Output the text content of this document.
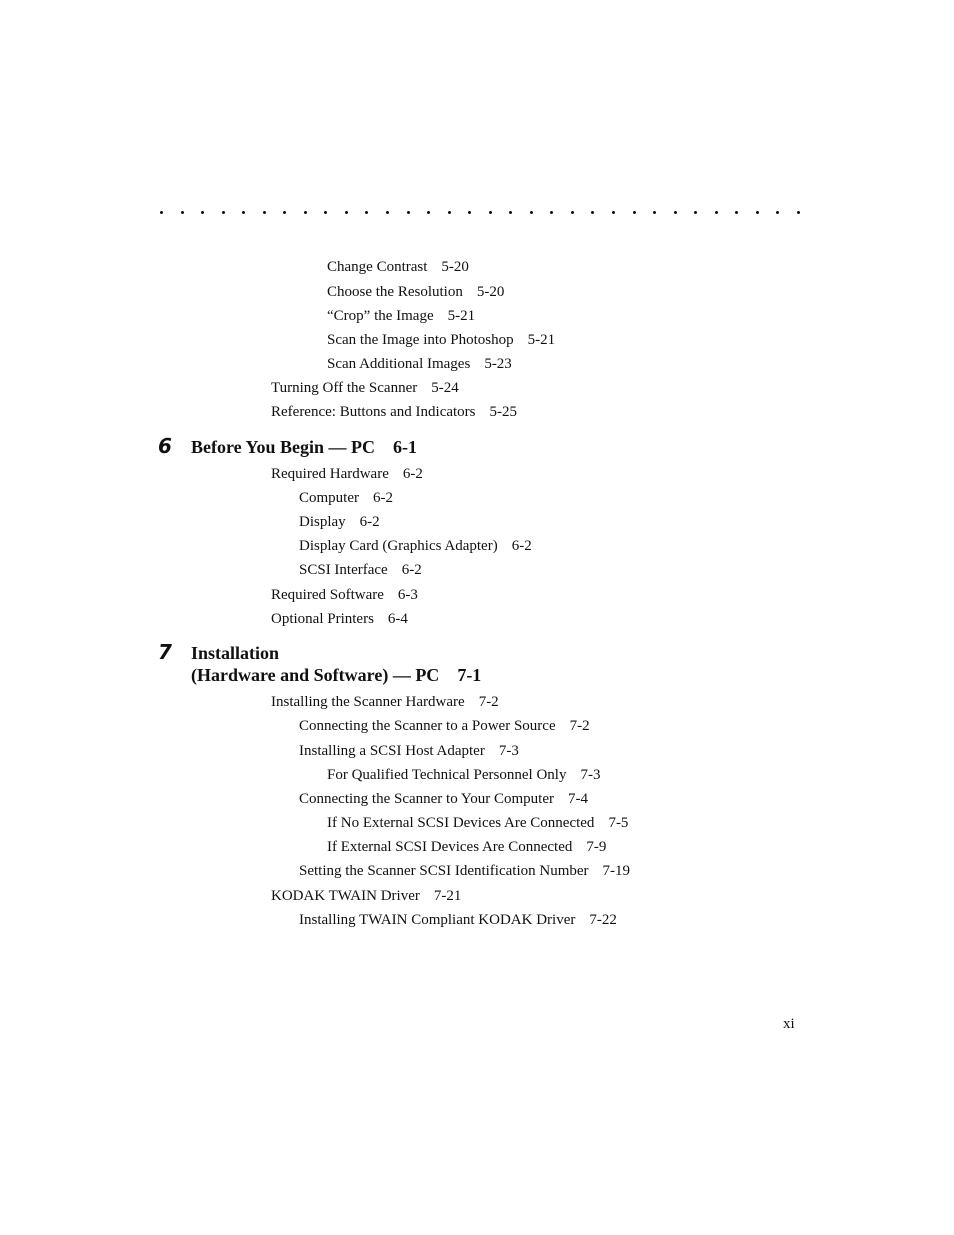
Change Contrast 5-20
Choose the Resolution 5-20
“Crop” the Image 5-21
Scan the Image into Photoshop 5-21
Scan Additional Images 5-23
Turning Off the Scanner 5-24
Reference: Buttons and Indicators 5-25
6 Before You Begin — PC 6-1
Required Hardware 6-2
Computer 6-2
Display 6-2
Display Card (Graphics Adapter) 6-2
SCSI Interface 6-2
Required Software 6-3
Optional Printers 6-4
7 Installation
(Hardware and Software) — PC 7-1
Installing the Scanner Hardware 7-2
Connecting the Scanner to a Power Source 7-2
Installing a SCSI Host Adapter 7-3
For Qualified Technical Personnel Only 7-3
Connecting the Scanner to Your Computer 7-4
If No External SCSI Devices Are Connected 7-5
If External SCSI Devices Are Connected 7-9
Setting the Scanner SCSI Identification Number 7-19
KODAK TWAIN Driver 7-21
Installing TWAIN Compliant KODAK Driver 7-22
xi
